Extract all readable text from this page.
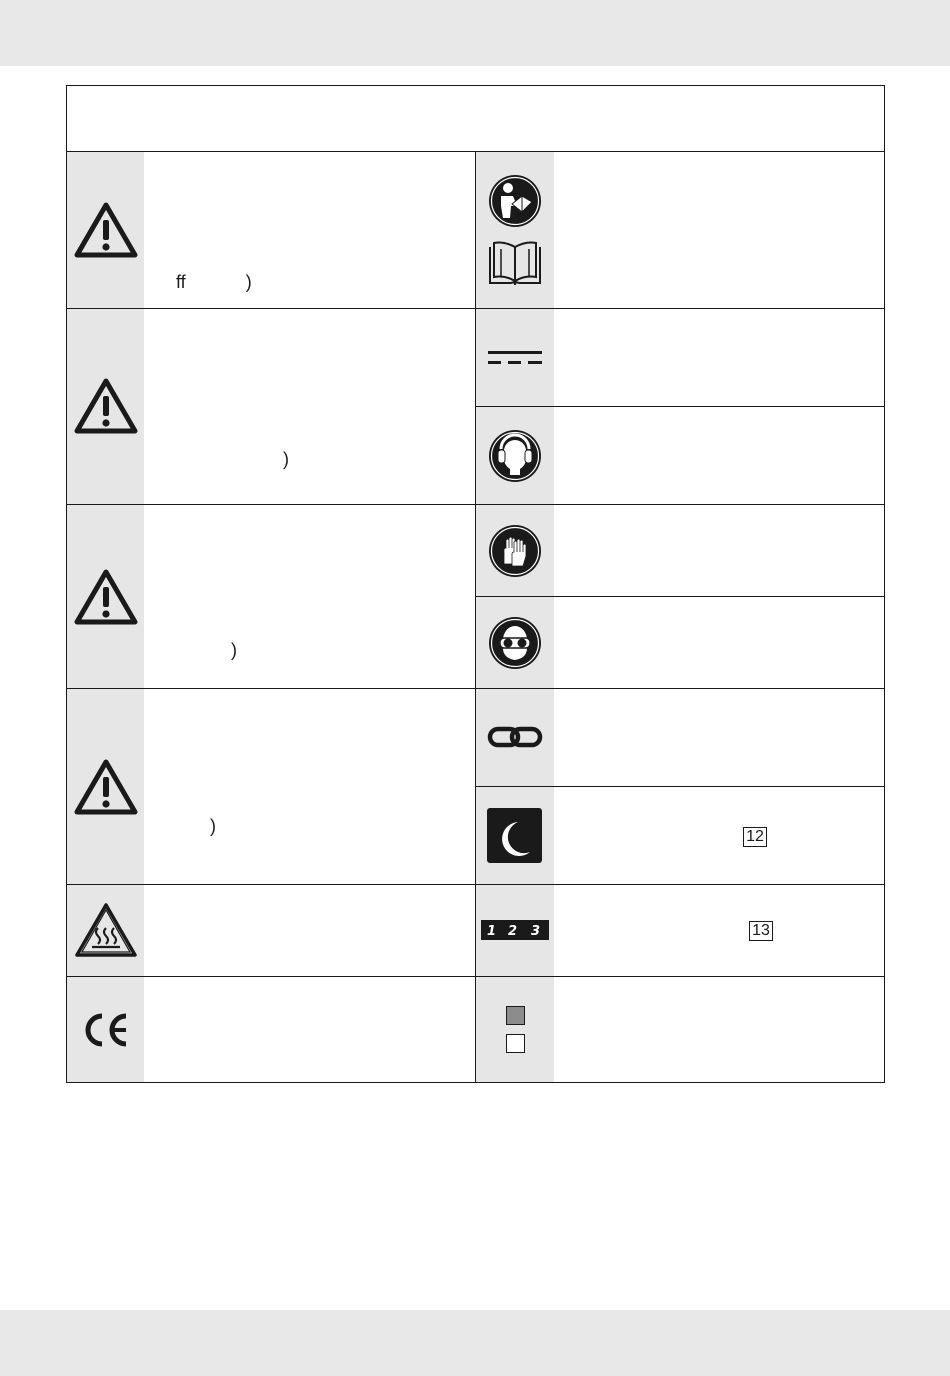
ff            )
)
)
)
1 2 3
12
13
